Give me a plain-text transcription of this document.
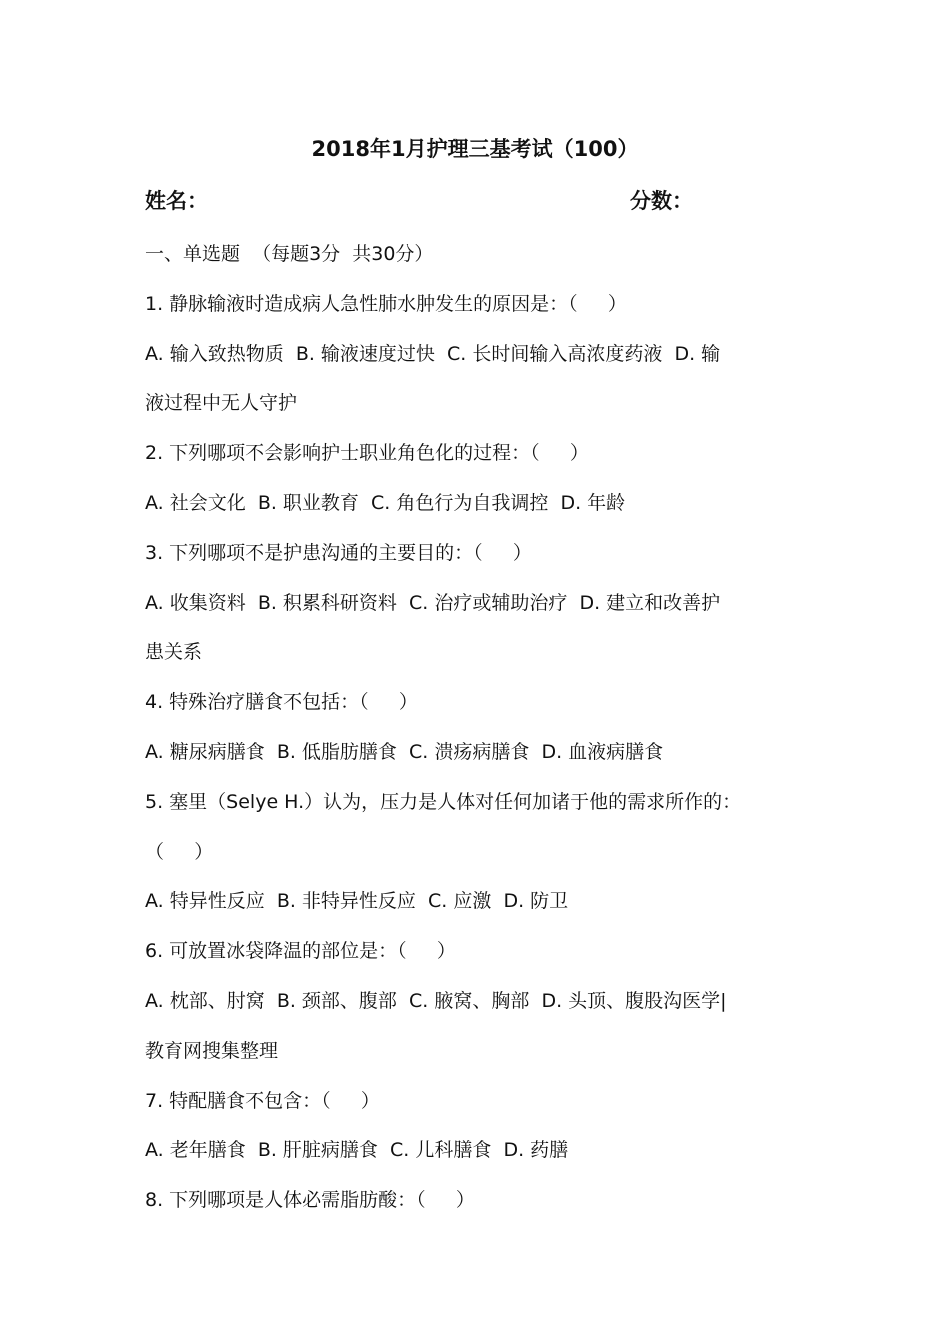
2018年1月护理三基考试（100）
姓名：	分数：
一、单选题  （每题3分  共30分）
1. 静脉输液时造成病人急性肺水肿发生的原因是：（     ）
A. 输入致热物质  B. 输液速度过快  C. 长时间输入高浓度药液  D. 输
液过程中无人守护
2. 下列哪项不会影响护士职业角色化的过程：（     ）
A. 社会文化  B. 职业教育  C. 角色行为自我调控  D. 年龄
3. 下列哪项不是护患沟通的主要目的：（     ）
A. 收集资料  B. 积累科研资料  C. 治疗或辅助治疗  D. 建立和改善护
患关系
4. 特殊治疗膳食不包括：（     ）
A. 糖尿病膳食  B. 低脂肪膳食  C. 溃疡病膳食  D. 血液病膳食
5. 塞里（Selye H.）认为，压力是人体对任何加诸于他的需求所作的：
（     ）
A. 特异性反应  B. 非特异性反应  C. 应激  D. 防卫
6. 可放置冰袋降温的部位是：（     ）
A. 枕部、肘窝  B. 颈部、腹部  C. 腋窝、胸部  D. 头顶、腹股沟医学|
教育网搜集整理
7. 特配膳食不包含：（     ）
A. 老年膳食  B. 肝脏病膳食  C. 儿科膳食  D. 药膳
8. 下列哪项是人体必需脂肪酸：（     ）
